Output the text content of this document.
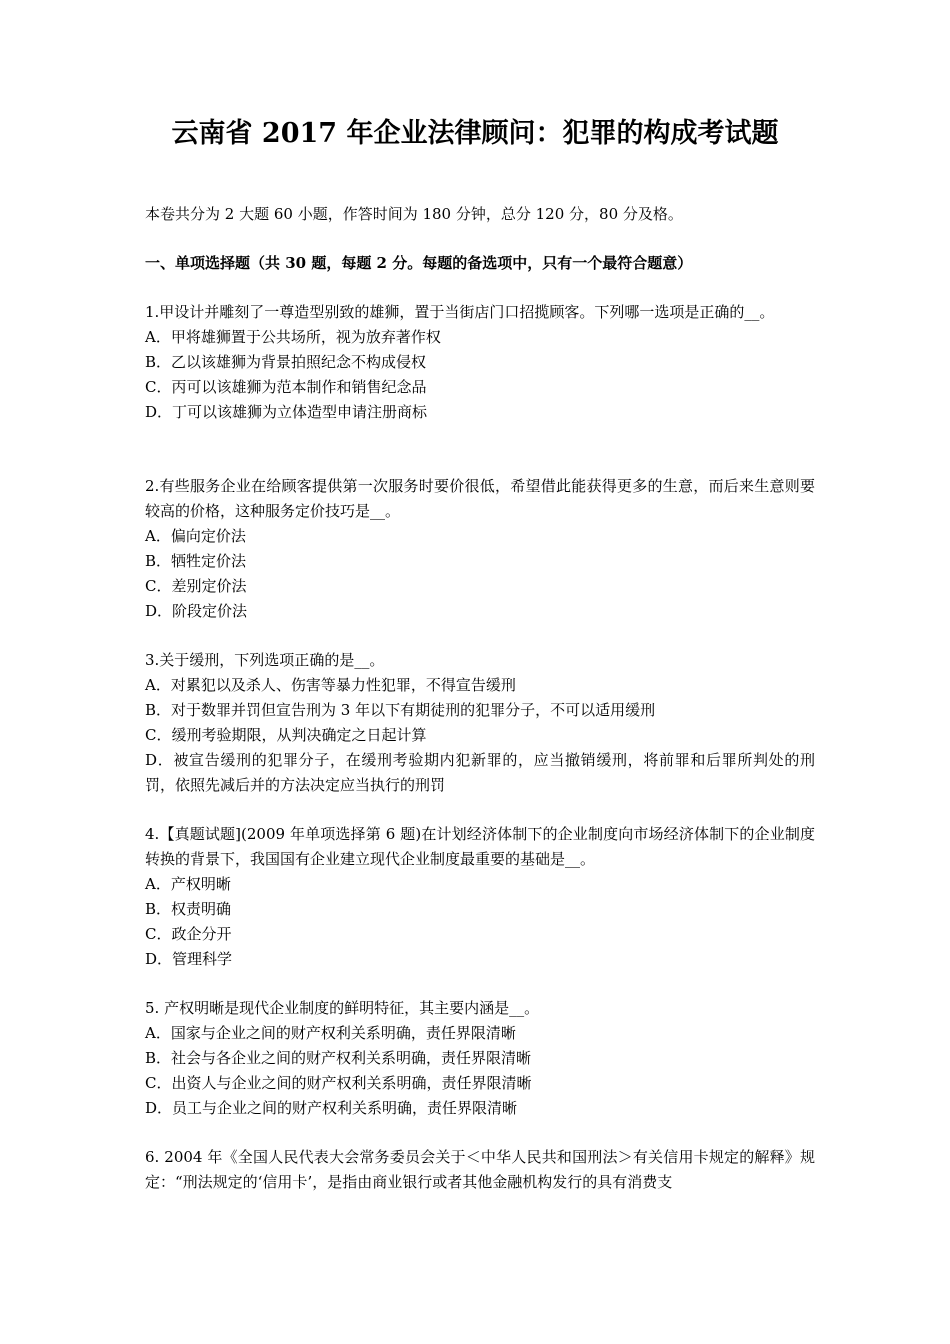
云南省 2017 年企业法律顾问：犯罪的构成考试题
本卷共分为 2 大题 60 小题，作答时间为 180 分钟，总分 120 分，80 分及格。
一、单项选择题（共 30 题，每题 2 分。每题的备选项中，只有一个最符合题意）
1.甲设计并雕刻了一尊造型别致的雄狮，置于当街店门口招揽顾客。下列哪一选项是正确的__。
A．甲将雄狮置于公共场所，视为放弃著作权
B．乙以该雄狮为背景拍照纪念不构成侵权
C．丙可以该雄狮为范本制作和销售纪念品
D．丁可以该雄狮为立体造型申请注册商标
2.有些服务企业在给顾客提供第一次服务时要价很低，希望借此能获得更多的生意，而后来生意则要较高的价格，这种服务定价技巧是__。
A．偏向定价法
B．牺牲定价法
C．差别定价法
D．阶段定价法
3.关于缓刑，下列选项正确的是__。
A．对累犯以及杀人、伤害等暴力性犯罪，不得宣告缓刑
B．对于数罪并罚但宣告刑为 3 年以下有期徒刑的犯罪分子，不可以适用缓刑
C．缓刑考验期限，从判决确定之日起计算
D．被宣告缓刑的犯罪分子，在缓刑考验期内犯新罪的，应当撤销缓刑，将前罪和后罪所判处的刑罚，依照先减后并的方法决定应当执行的刑罚
4.【真题试题](2009 年单项选择第 6 题)在计划经济体制下的企业制度向市场经济体制下的企业制度转换的背景下，我国国有企业建立现代企业制度最重要的基础是__。
A．产权明晰
B．权责明确
C．政企分开
D．管理科学
5. 产权明晰是现代企业制度的鲜明特征，其主要内涵是__。
A．国家与企业之间的财产权利关系明确，责任界限清晰
B．社会与各企业之间的财产权利关系明确，责任界限清晰
C．出资人与企业之间的财产权利关系明确，责任界限清晰
D．员工与企业之间的财产权利关系明确，责任界限清晰
6. 2004 年《全国人民代表大会常务委员会关于＜中华人民共和国刑法＞有关信用卡规定的解释》规定：“刑法规定的‘信用卡’，是指由商业银行或者其他金融机构发行的具有消费支
